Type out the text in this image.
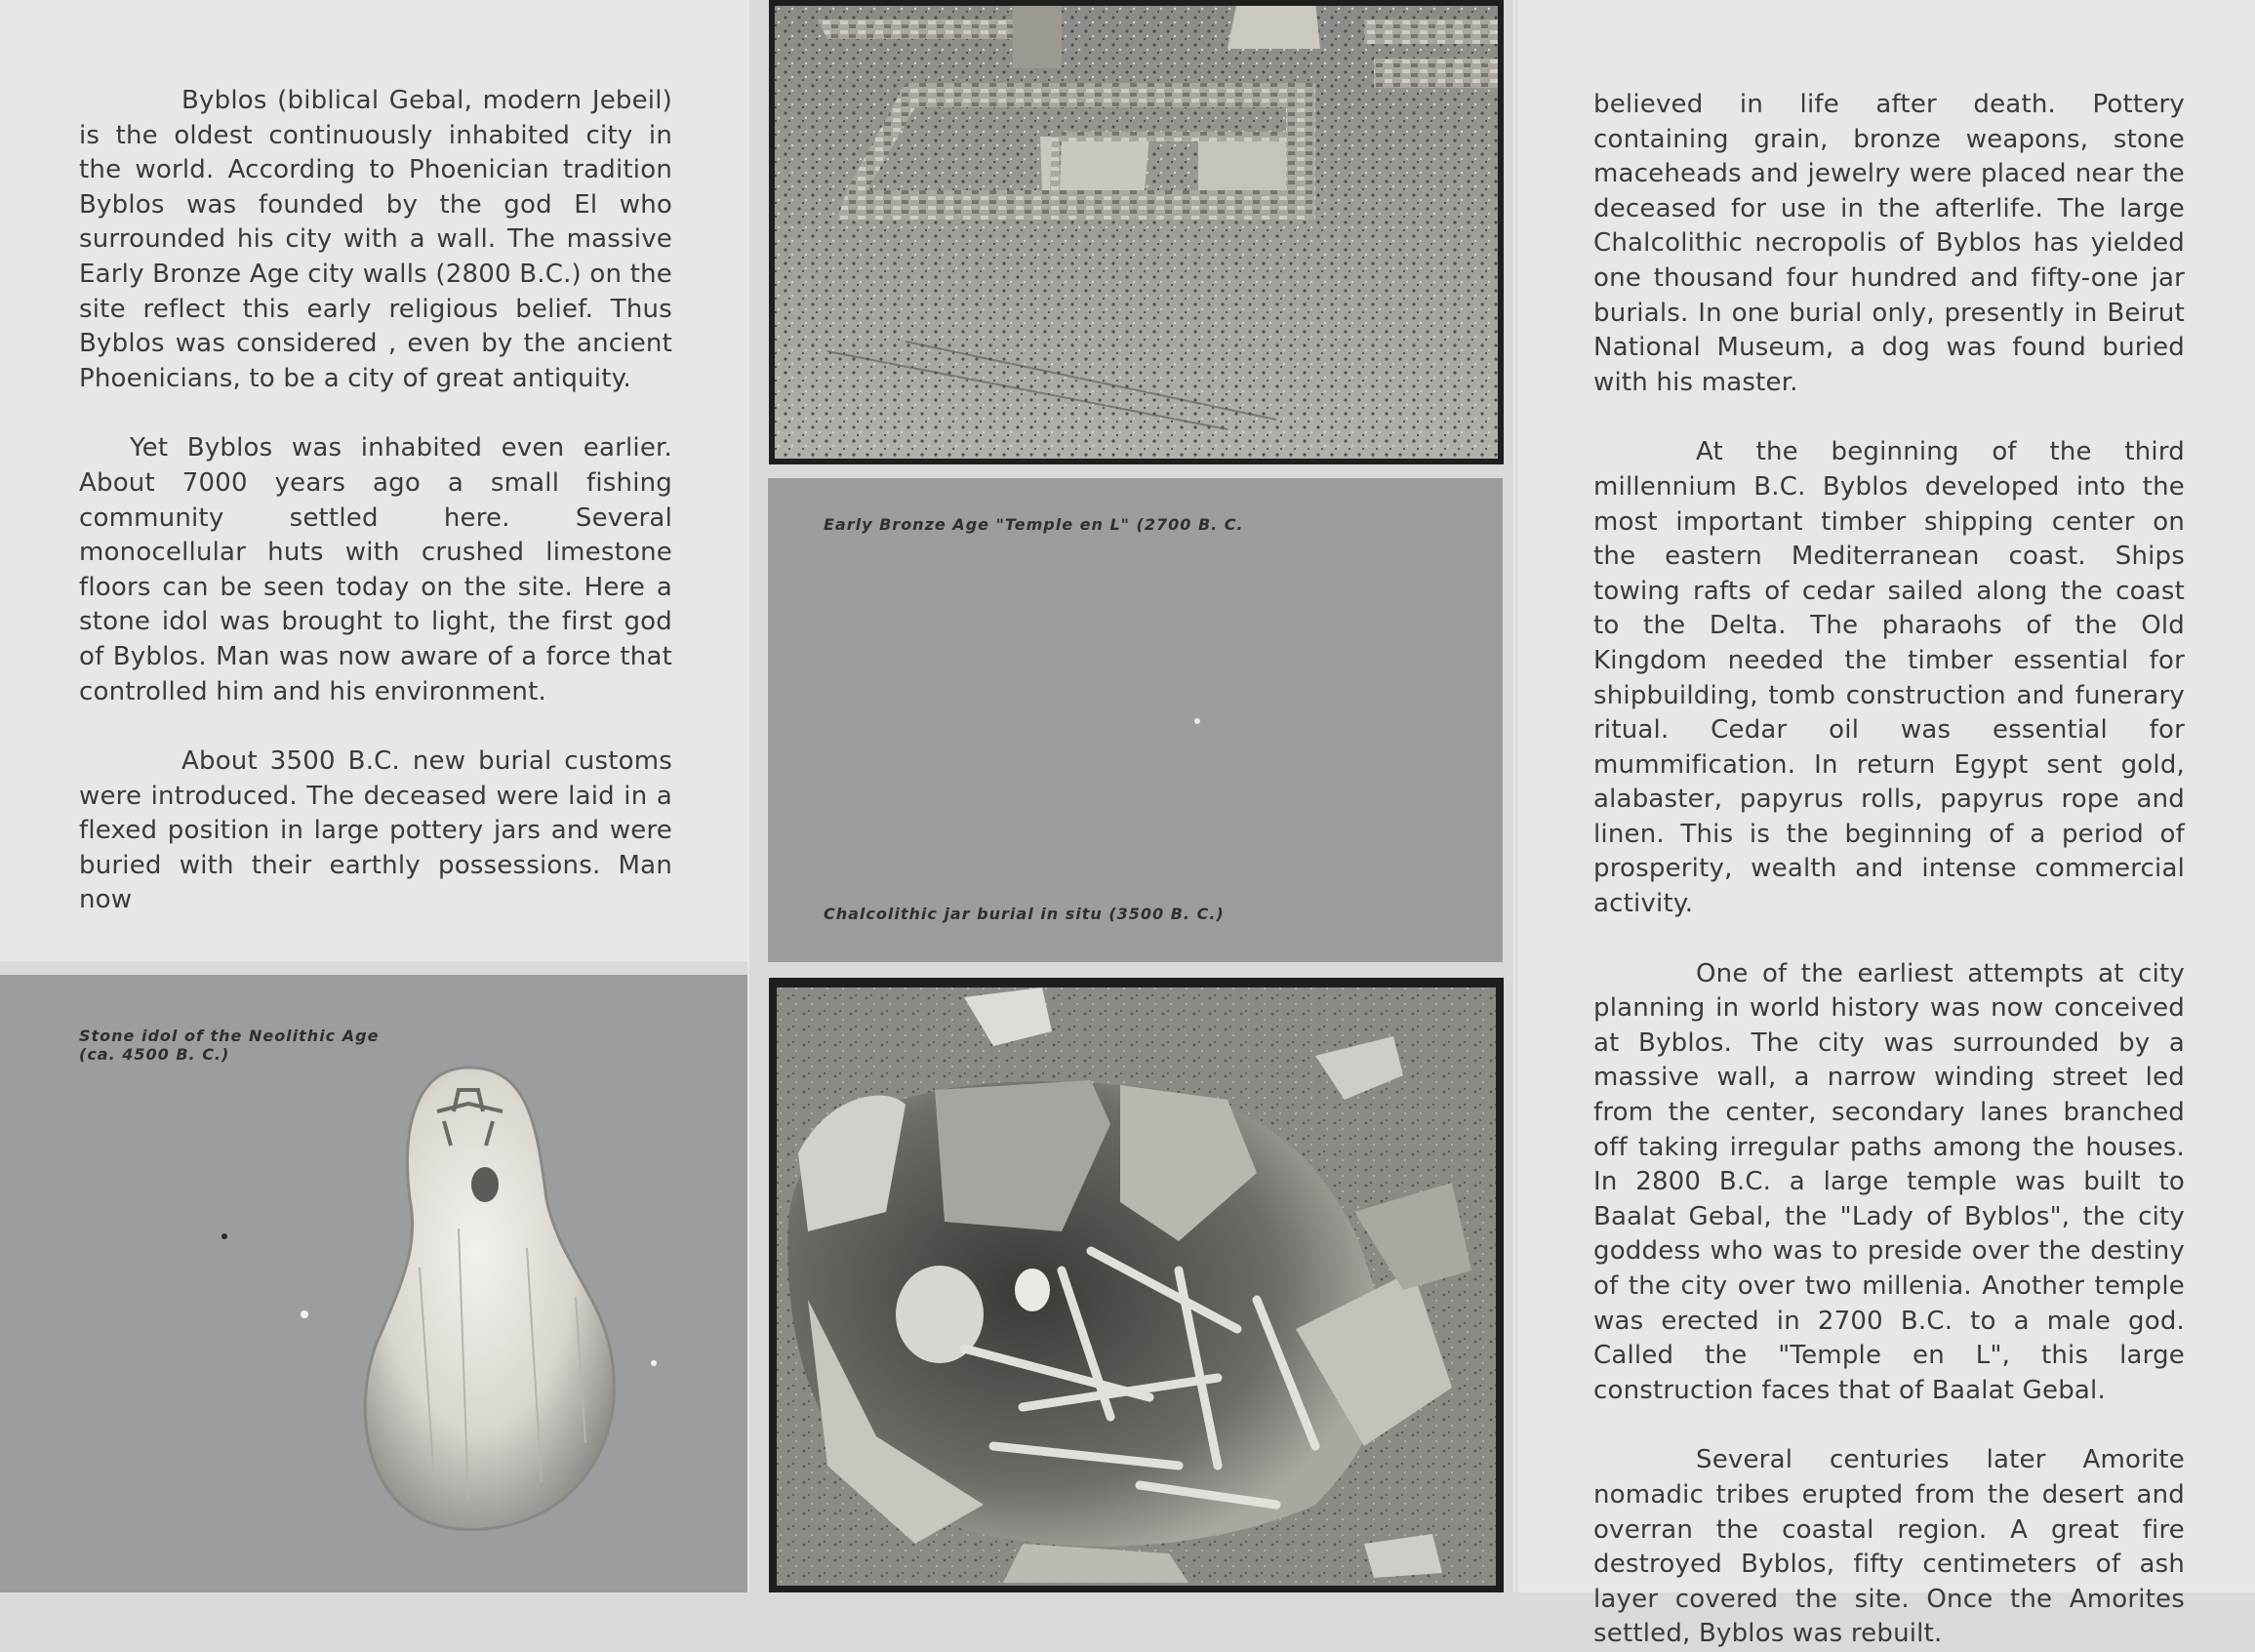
Byblos (biblical Gebal, modern Jebeil) is the oldest continuously inhabited city in the world. According to Phoenician tradition Byblos was founded by the god El who surrounded his city with a wall. The massive Early Bronze Age city walls (2800 B.C.) on the site reflect this early religious belief. Thus Byblos was considered , even by the ancient Phoenicians, to be a city of great antiquity.

Yet Byblos was inhabited even earlier. About 7000 years ago a small fishing community settled here. Several monocellular huts with crushed limestone floors can be seen today on the site. Here a stone idol was brought to light, the first god of Byblos. Man was now aware of a force that controlled him and his environment.

About 3500 B.C. new burial customs were introduced. The deceased were laid in a flexed position in large pottery jars and were buried with their earthly possessions. Man now

Stone idol of the Neolithic Age
(ca. 4500 B. C.)
Early Bronze Age "Temple en L" (2700 B. C.
Chalcolithic jar burial in situ (3500 B. C.)

believed in life after death. Pottery containing grain, bronze weapons, stone maceheads and jewelry were placed near the deceased for use in the afterlife. The large Chalcolithic necropolis of Byblos has yielded one thousand four hundred and fifty-one jar burials. In one burial only, presently in Beirut National Museum, a dog was found buried with his master.

At the beginning of the third millennium B.C. Byblos developed into the most important timber shipping center on the eastern Mediterranean coast. Ships towing rafts of cedar sailed along the coast to the Delta. The pharaohs of the Old Kingdom needed the timber essential for shipbuilding, tomb construction and funerary ritual. Cedar oil was essential for mummification. In return Egypt sent gold, alabaster, papyrus rolls, papyrus rope and linen. This is the beginning of a period of prosperity, wealth and intense commercial activity.

One of the earliest attempts at city planning in world history was now conceived at Byblos. The city was surrounded by a massive wall, a narrow winding street led from the center, secondary lanes branched off taking irregular paths among the houses. In 2800 B.C. a large temple was built to Baalat Gebal, the "Lady of Byblos", the city goddess who was to preside over the destiny of the city over two millenia. Another temple was erected in 2700 B.C. to a male god. Called the "Temple en L", this large construction faces that of Baalat Gebal.

Several centuries later Amorite nomadic tribes erupted from the desert and overran the coastal region. A great fire destroyed Byblos, fifty centimeters of ash layer covered the site. Once the Amorites settled, Byblos was rebuilt.
